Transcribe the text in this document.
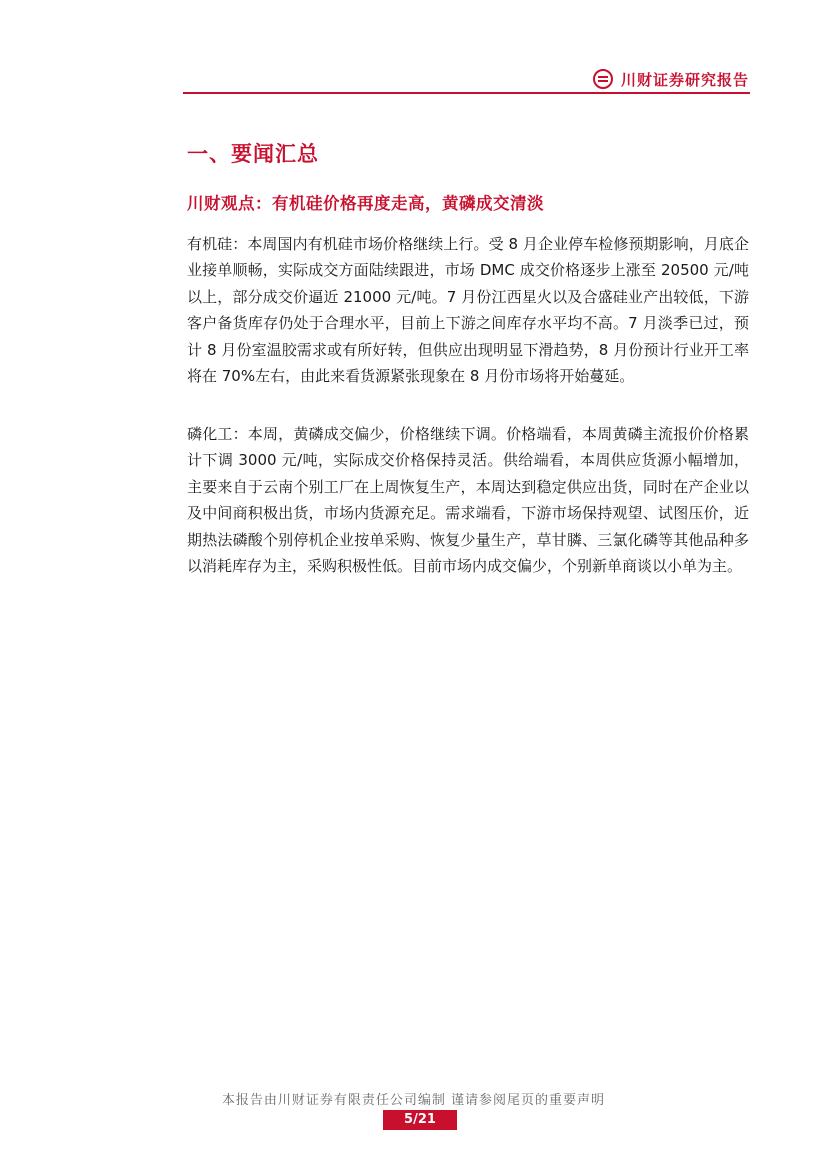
川财证券研究报告
一、要闻汇总
川财观点：有机硅价格再度走高，黄磷成交清淡
有机硅：本周国内有机硅市场价格继续上行。受 8 月企业停车检修预期影响，月底企业接单顺畅，实际成交方面陆续跟进，市场 DMC 成交价格逐步上涨至 20500 元/吨以上，部分成交价逼近 21000 元/吨。7 月份江西星火以及合盛硅业产出较低，下游客户备货库存仍处于合理水平，目前上下游之间库存水平均不高。7 月淡季已过，预计 8 月份室温胶需求或有所好转，但供应出现明显下滑趋势，8 月份预计行业开工率将在 70%左右，由此来看货源紧张现象在 8 月份市场将开始蔓延。
磷化工：本周，黄磷成交偏少，价格继续下调。价格端看，本周黄磷主流报价价格累计下调 3000 元/吨，实际成交价格保持灵活。供给端看，本周供应货源小幅增加，主要来自于云南个别工厂在上周恢复生产，本周达到稳定供应出货，同时在产企业以及中间商积极出货，市场内货源充足。需求端看，下游市场保持观望、试图压价，近期热法磷酸个别停机企业按单采购、恢复少量生产，草甘膦、三氯化磷等其他品种多以消耗库存为主，采购积极性低。目前市场内成交偏少，个别新单商谈以小单为主。
本报告由川财证券有限责任公司编制 谨请参阅尾页的重要声明
5/21
